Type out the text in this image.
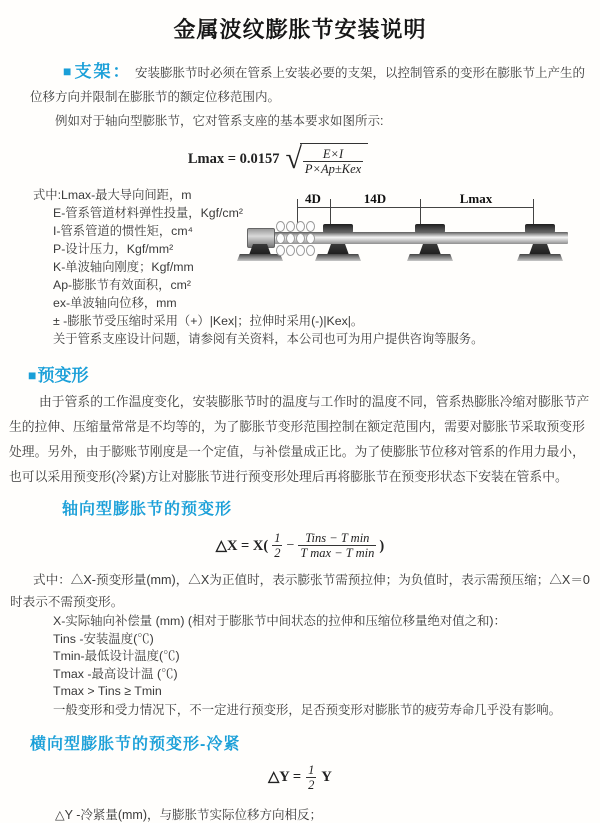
金属波纹膨胀节安装说明
■支架： 安装膨胀节时必须在管系上安装必要的支架，以控制管系的变形在膨胀节上产生的位移方向并限制在膨胀节的额定位移范围内。
例如对于轴向型膨胀节，它对管系支座的基本要求如图所示:
Lmax = 0.0157 √ $\frac{E\times I}{\text{P×Ap±Kex}}$
式中:Lmax-最大导向间距，m
E-管系管道材料弹性投量，Kgf/cm²
I-管系管道的惯性矩，cm⁴
P-设计压力，Kgf/mm²
K-单波轴向刚度；Kgf/mm
Ap-膨胀节有效面积，cm²
ex-单波轴向位移，mm
± -膨胀节受压缩时采用（+）|Kex|；拉伸时采用(-)|Kex|。
关于管系支座设计问题，请参阅有关资料，本公司也可为用户提供咨询等服务。
4D	14D	Lmax
■预变形
由于管系的工作温度变化，安装膨胀节时的温度与工作时的温度不同，管系热膨胀冷缩对膨胀节产生的拉伸、压缩量常常是不均等的，为了膨胀节变形范围控制在额定范围内，需要对膨胀节采取预变形处理。另外，由于膨账节刚度是一个定值，与补偿量成正比。为了使膨胀节位移对管系的作用力最小，也可以采用预变形(冷紧)方让对膨胀节进行预变形处理后再将膨胀节在预变形状态下安装在管系中。
轴向型膨胀节的预变形
△X = $X( \frac{1}{2} - \frac{\text{Tins − T min}}{\text{T max − T min}}$ )
式中：△X-预变形量(mm)，△X为正值时，表示膨张节需预拉伸；为负值时，表示需预压缩；△X＝0时表示不需预变形。
X-实际轴向补偿量 (mm) (相对于膨胀节中间状态的拉伸和压缩位移量绝对值之和)：
Tins -安装温度(℃)
Tmin-最低设计温度(℃)
Tmax -最高设计温 (℃)
Tmax > Tins ≥ Tmin
一般变形和受力情况下，不一定进行预变形，足否预变形对膨胀节的疲劳寿命几乎没有影响。
横向型膨胀节的预变形-冷紧
△Y = $\frac{1}{2}$ Y
△Y -冷紧量(mm)，与膨胀节实际位移方向相反；
